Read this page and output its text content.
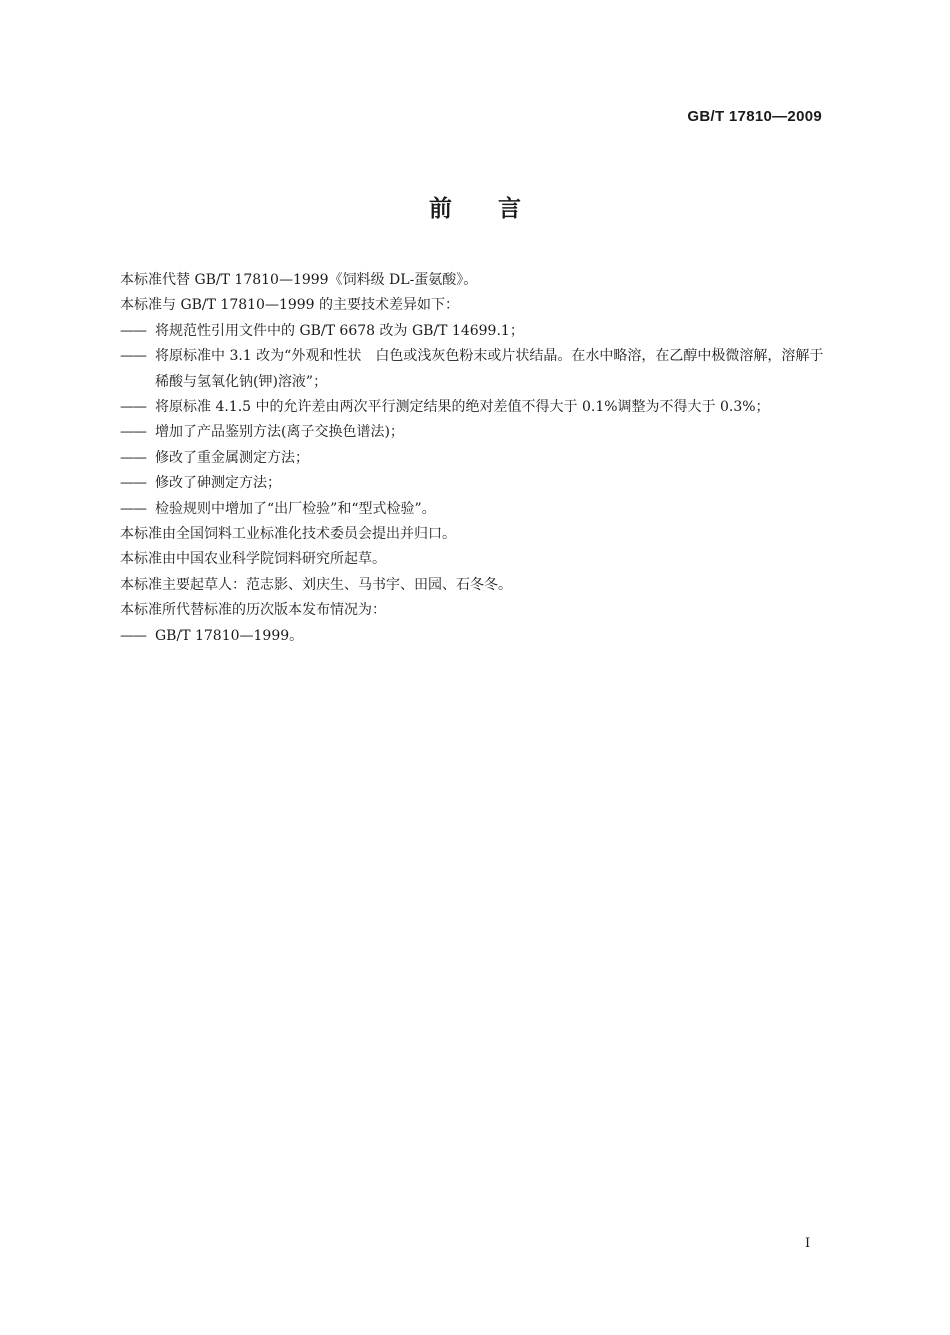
GB/T 17810—2009
前言
本标准代替 GB/T 17810—1999《饲料级 DL-蛋氨酸》。
本标准与 GB/T 17810—1999 的主要技术差异如下：
—— 将规范性引用文件中的 GB/T 6678 改为 GB/T 14699.1；
—— 将原标准中 3.1 改为“外观和性状　白色或浅灰色粉末或片状结晶。在水中略溶，在乙醇中极微溶解，溶解于稀酸与氢氧化钠(钾)溶液”；
—— 将原标准 4.1.5 中的允许差由两次平行测定结果的绝对差值不得大于 0.1%调整为不得大于 0.3%；
—— 增加了产品鉴别方法(离子交换色谱法)；
—— 修改了重金属测定方法；
—— 修改了砷测定方法；
—— 检验规则中增加了“出厂检验”和“型式检验”。
本标准由全国饲料工业标准化技术委员会提出并归口。
本标准由中国农业科学院饲料研究所起草。
本标准主要起草人：范志影、刘庆生、马书宇、田园、石冬冬。
本标准所代替标准的历次版本发布情况为：
—— GB/T 17810—1999。
I
